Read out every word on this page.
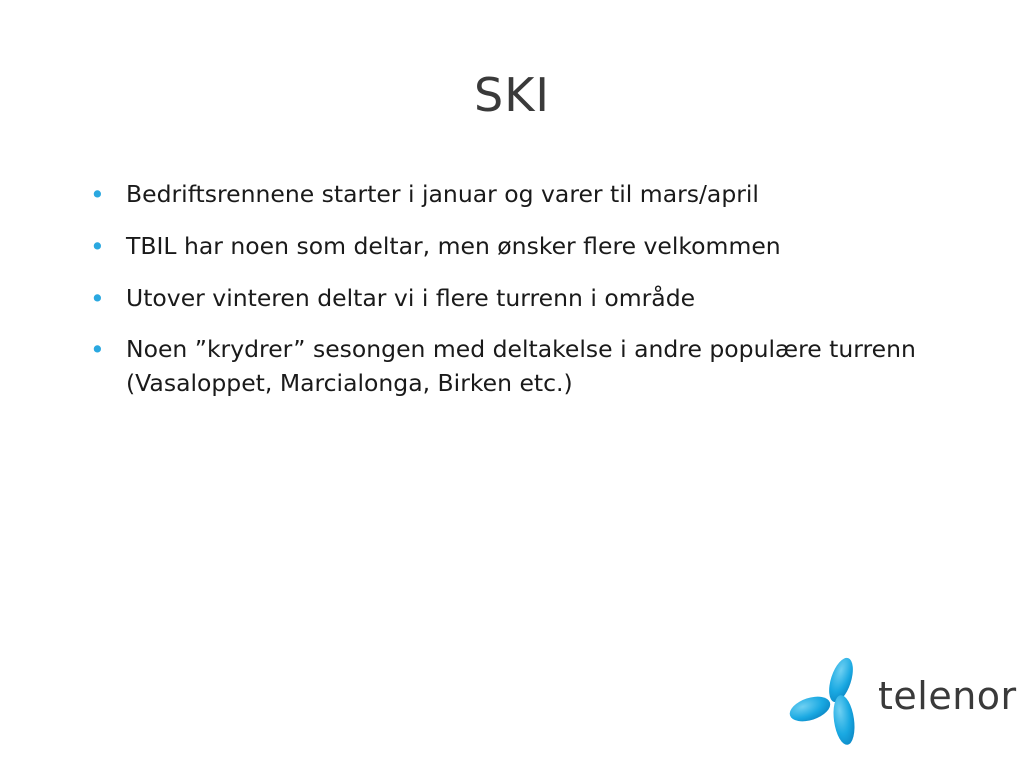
SKI
• Bedriftsrennene starter i januar og varer til mars/april
• TBIL har noen som deltar, men ønsker flere velkommen
• Utover vinteren deltar vi i flere turrenn i område
• Noen ”krydrer” sesongen med deltakelse i andre populære turrenn (Vasaloppet, Marcialonga, Birken etc.)
telenor
